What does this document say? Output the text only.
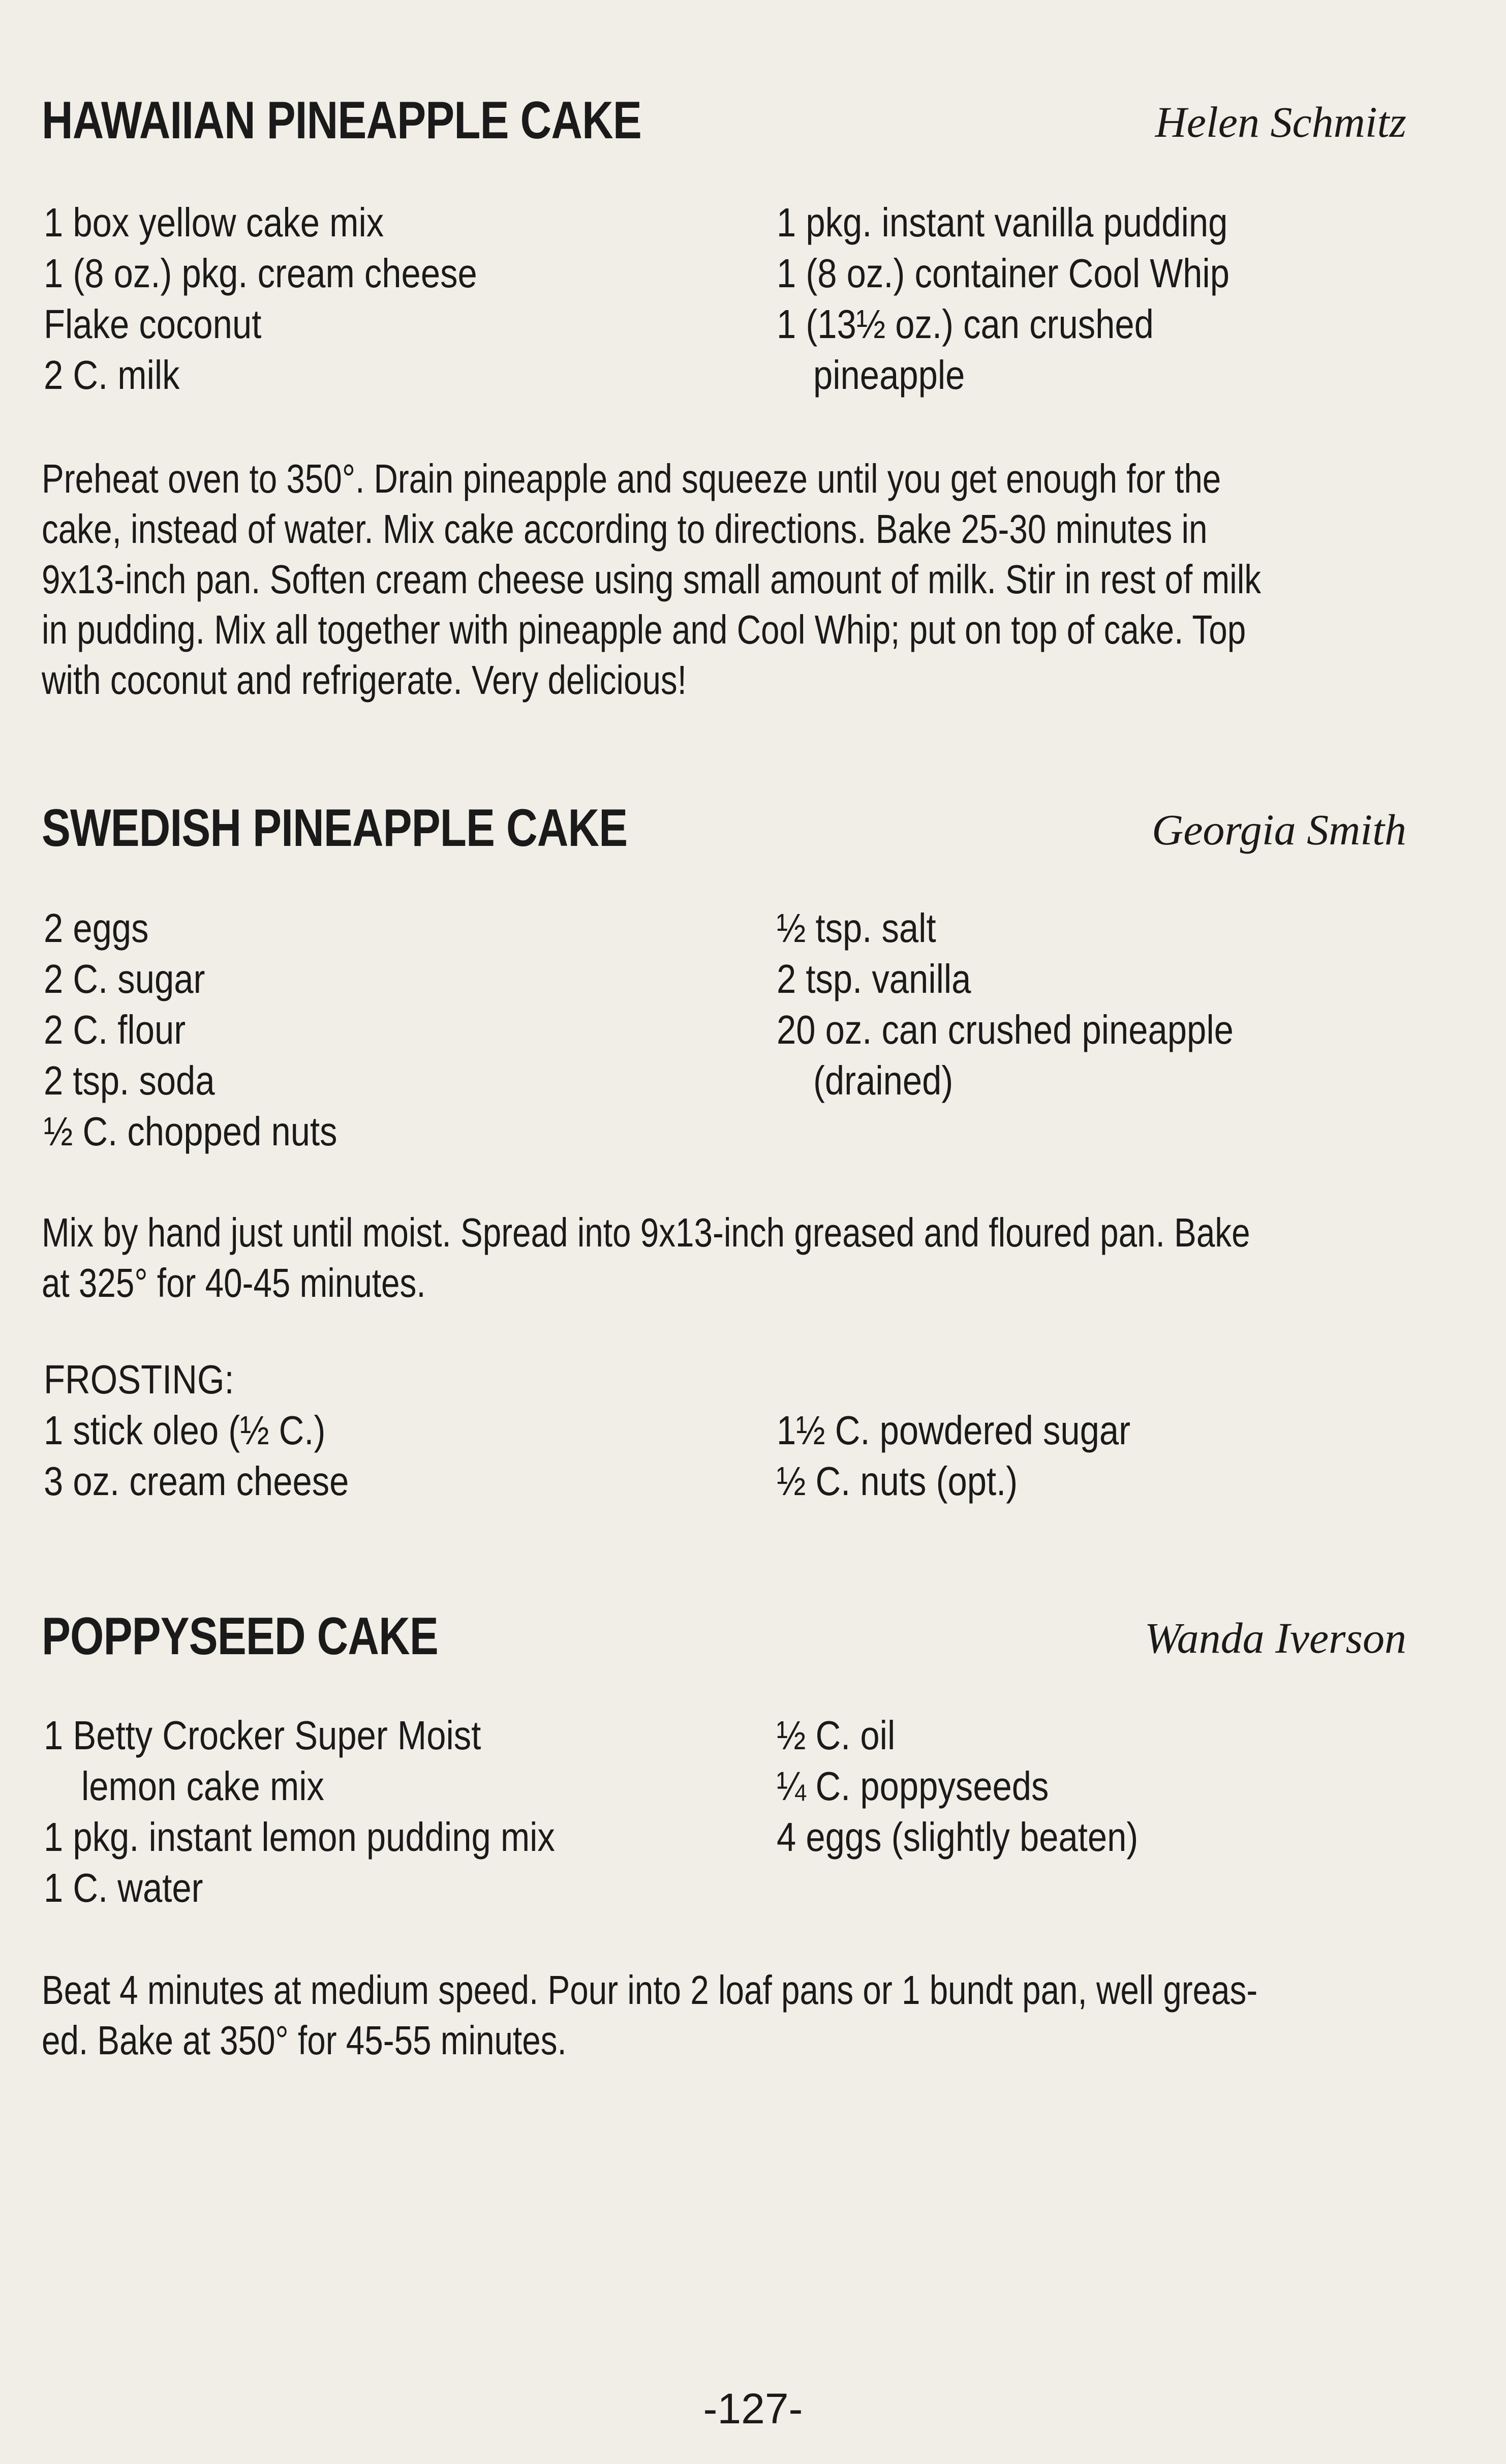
HAWAIIAN PINEAPPLE CAKE	Helen Schmitz
1 box yellow cake mix
1 (8 oz.) pkg. cream cheese
Flake coconut
2 C. milk
1 pkg. instant vanilla pudding
1 (8 oz.) container Cool Whip
1 (13½ oz.) can crushed
pineapple
Preheat oven to 350°. Drain pineapple and squeeze until you get enough for the
cake, instead of water. Mix cake according to directions. Bake 25-30 minutes in
9x13-inch pan. Soften cream cheese using small amount of milk. Stir in rest of milk
in pudding. Mix all together with pineapple and Cool Whip; put on top of cake. Top
with coconut and refrigerate. Very delicious!
SWEDISH PINEAPPLE CAKE	Georgia Smith
2 eggs
2 C. sugar
2 C. flour
2 tsp. soda
½ C. chopped nuts
½ tsp. salt
2 tsp. vanilla
20 oz. can crushed pineapple
(drained)
Mix by hand just until moist. Spread into 9x13-inch greased and floured pan. Bake
at 325° for 40-45 minutes.
FROSTING:
1 stick oleo (½ C.)
3 oz. cream cheese
1½ C. powdered sugar
½ C. nuts (opt.)
POPPYSEED CAKE	Wanda Iverson
1 Betty Crocker Super Moist
lemon cake mix
1 pkg. instant lemon pudding mix
1 C. water
½ C. oil
¼ C. poppyseeds
4 eggs (slightly beaten)
Beat 4 minutes at medium speed. Pour into 2 loaf pans or 1 bundt pan, well greas-
ed. Bake at 350° for 45-55 minutes.
-127-
